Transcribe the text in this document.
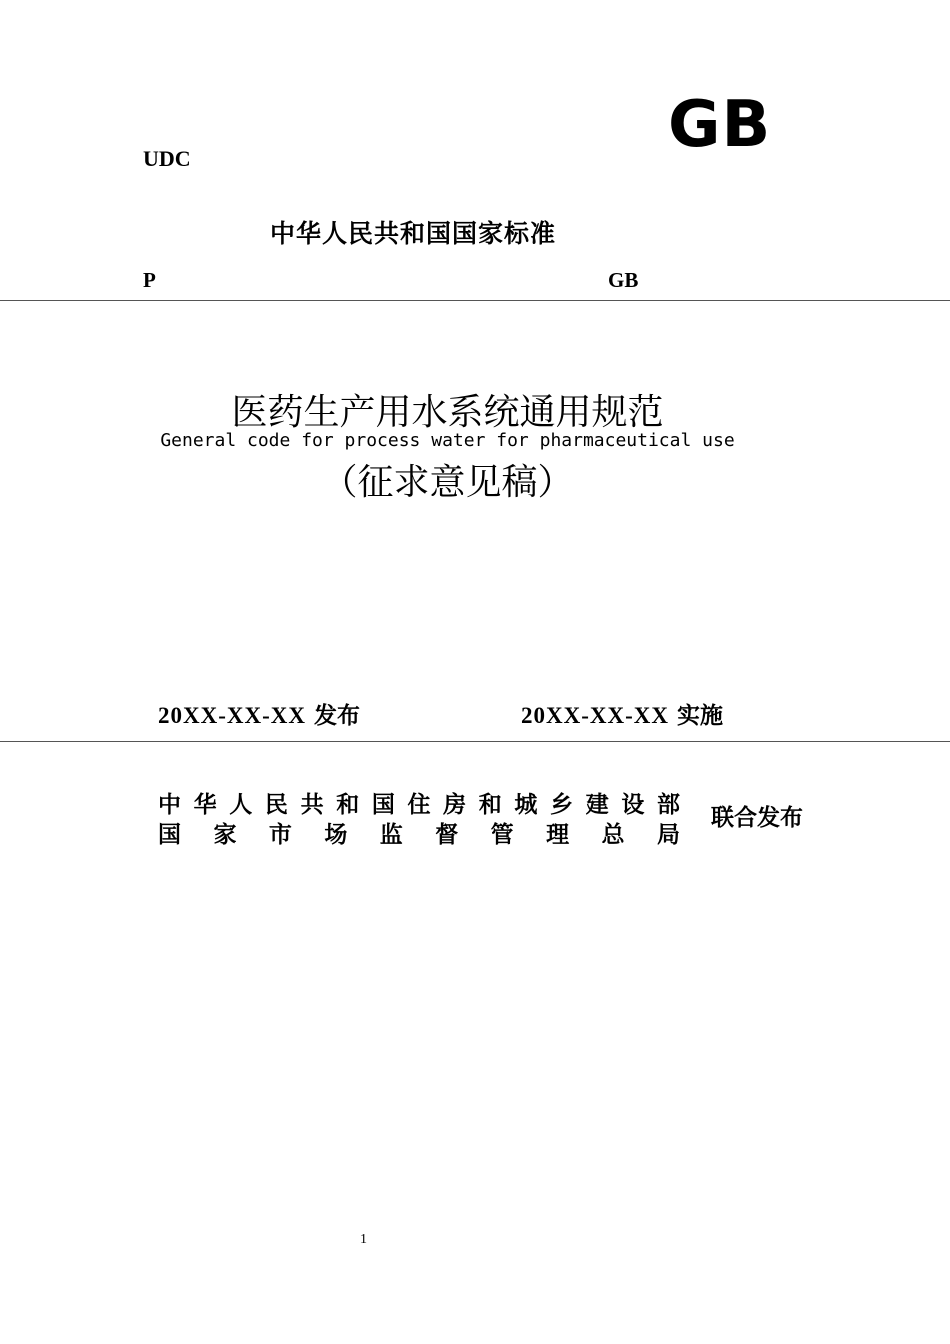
UDC	GB
中华人民共和国国家标准
P	GB
医药生产用水系统通用规范
General code for process water for pharmaceutical use
（征求意见稿）
20XX-XX-XX 发布	20XX-XX-XX 实施
中 华 人 民 共 和 国 住 房 和 城 乡 建 设 部
国 家 市 场 监 督 管 理 总 局
联合发布
1
